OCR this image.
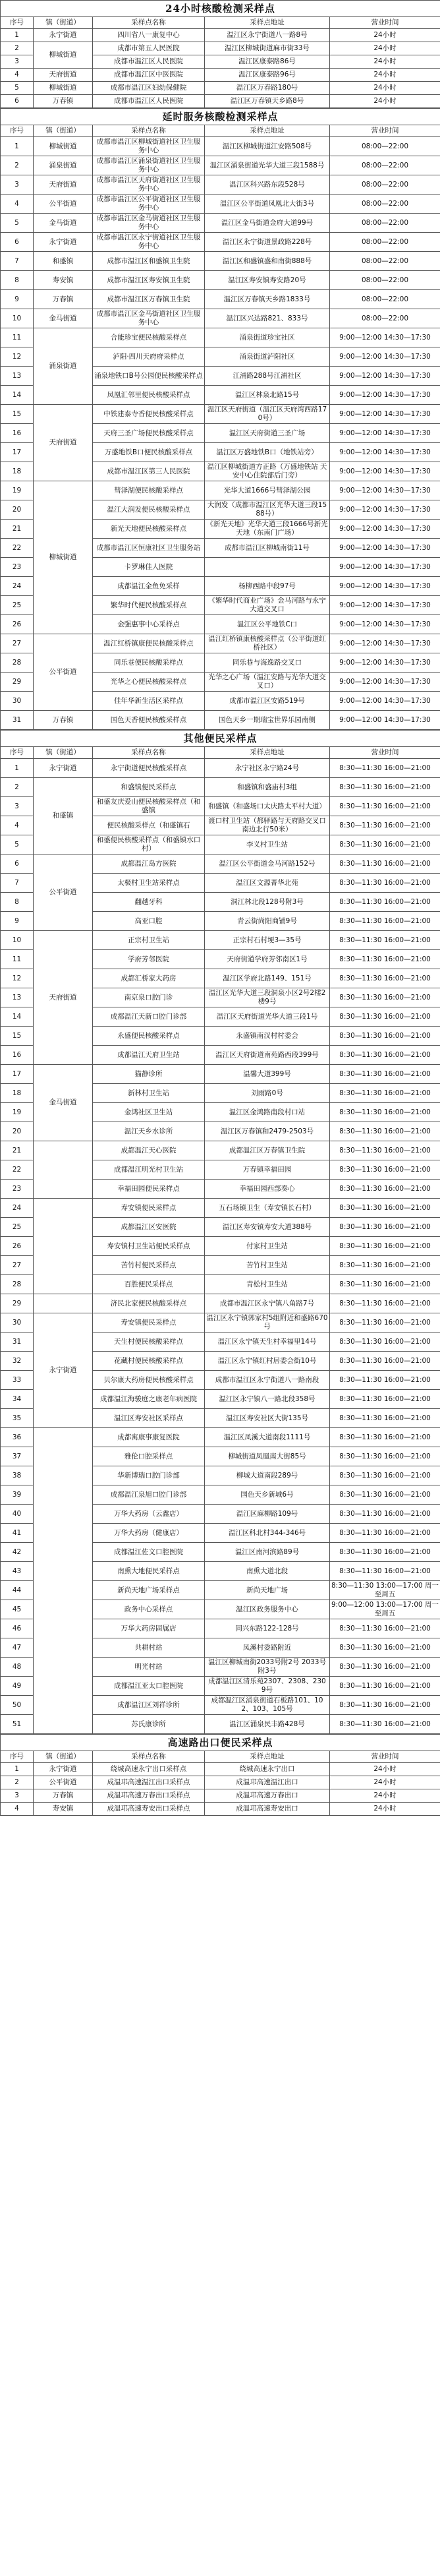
24小时核酸检测采样点				
序号	镇（街道）	采样点名称	采样点地址	营业时间
1	永宁街道	四川省八一康复中心	温江区永宁街道八一路8号	24小时
2	柳城街道	成都市第五人民医院	温江区柳城街道麻市街33号	24小时
3		成都市温江区人民医院	温江区康泰路86号	24小时
4	天府街道	成都市温江区中医医院	温江区康泰路96号	24小时
5	柳城街道	成都市温江区妇幼保健院	温江区万春路180号	24小时
6	万春镇	成都市温江区人民医院	温江区万春镇天乡路8号	24小时
延时服务核酸检测采样点				
序号	镇（街道）	采样点名称	采样点地址	营业时间
1	柳城街道	成都市温江区柳城街道社区卫生服务中心	温江区柳城街道江安路508号	08:00—22:00
2	涌泉街道	成都市温江区涌泉街道社区卫生服务中心	温江区涌泉街道光华大道三段1588号	08:00—22:00
3	天府街道	成都市温江区天府街道社区卫生服务中心	温江区科兴路东段528号	08:00—22:00
4	公平街道	成都市温江区公平街道社区卫生服务中心	温江区公平街道凤凰北大街3号	08:00—22:00
5	金马街道	成都市温江区金马街道社区卫生服务中心	温江区金马街道金府大道99号	08:00—22:00
6	永宁街道	成都市温江区永宁街道社区卫生服务中心	温江区永宁街道景政路228号	08:00—22:00
7	和盛镇	成都市温江区和盛镇卫生院	温江区和盛镇盛和南街888号	08:00—22:00
8	寿安镇	成都市温江区寿安镇卫生院	温江区寿安镇寿安路20号	08:00—22:00
9	万春镇	成都市温江区万春镇卫生院	温江区万春镇天乡路1833号	08:00—22:00
10	金马街道	成都市温江区金马街道社区卫生服务中心	温江区兴达路821、833号	08:00—22:00
11	涌泉街道	合能珍宝便民核酸采样点	涌泉街道珍宝社区	9:00—12:00 14:30—17:30
12		泸阳·四川天府府采样点	涌泉街道泸阳社区	9:00—12:00 14:30—17:30
13		涌泉地铁口B号公园便民核酸采样点	江浦路288号江浦社区	9:00—12:00 14:30—17:30
14		凤凰汇邻里便民核酸采样点	温江区林泉北路15号	9:00—12:00 14:30—17:30
15	天府街道	中铁建泰寺香便民核酸采样点	温江区天府街道（温江区天府湾西路170号）	9:00—12:00 14:30—17:30
16		天府三圣广场便民核酸采样点	温江区天府街道三圣广场	9:00—12:00 14:30—17:30
17		万盛地铁B口便民核酸采样点	温江区万盛地铁B口（地铁站旁）	9:00—12:00 14:30—17:30
18		成都市温江区第三人民医院	温江区柳城街道方正路（万盛地铁站 天安中心住院部后门旁）	9:00—12:00 14:30—17:30
19	柳城街道	彗泽湖便民核酸采样点	光华大道1666号彗泽湖公园	9:00—12:00 14:30—17:30
20		温江大润发便民核酸采样点	大润发（成都市温江区光华大道三段1588号）	9:00—12:00 14:30—17:30
21		新光天地便民核酸采样点	《新光天地》光华大道三段1666号新光天地（东南门广场）	9:00—12:00 14:30—17:30
22		成都市温江区恒康社区卫生服务站	成都市温江区柳城南街11号	9:00—12:00 14:30—17:30
23		卡罗琳佳人医院		9:00—12:00 14:30—17:30
24		成都温江金鱼免采样	杨柳西路中段97号	9:00—12:00 14:30—17:30
25		繁华时代便民核酸采样点	《繁华时代商业广场》金马河路与永宁大道交叉口	9:00—12:00 14:30—17:30
26		金强惠事中心采样点	温江区公平地铁C口	9:00—12:00 14:30—17:30
27	公平街道	温江红桥镇康便民核酸采样点	温江红桥镇康核酸采样点（公平街道红桥社区）	9:00—12:00 14:30—17:30
28		同乐巷便民核酸采样点	同乐巷与海逸路交叉口	9:00—12:00 14:30—17:30
29		光华之心便民核酸采样点	光华之心广场（温江安路与光华大道交叉口）	9:00—12:00 14:30—17:30
30		佳年华新生活区采样点	成都市温江区安路519号	9:00—12:00 14:30—17:30
31	万春镇	国色天香便民核酸采样点	国色天乡一期瑞宝世界乐园南侧	9:00—12:00 14:30—17:30
其他便民采样点				
序号	镇（街道）	采样点名称	采样点地址	营业时间
1	永宁街道	永宁街道便民核酸采样点	永宁社区永宁路24号	8:30—11:30 16:00—21:00
2	和盛镇	和盛镇便民采样点	和盛镇和盛庙村3组	8:30—11:30 16:00—21:00
3		和盛友庆爱山便民核酸采样点（和盛镇	和盛镇（和盛场口太庆路太平村大道）	8:30—11:30 16:00—21:00
4		便民核酸采样点（和盛镇石	渡口村卫生站（都驿路与天府路交叉口南边北行50米）	8:30—11:30 16:00—21:00
5		和盛便民核酸采样点（和盛镇水口村）	李义村卫生站	8:30—11:30 16:00—21:00
6	公平街道	成都温江岛方医院	温江区公平街道金马河路152号	8:30—11:30 16:00—21:00
7		太极村卫生站采样点	温江区文源菁华北苑	8:30—11:30 16:00—21:00
8		翻越牙科	洞江林北段128号附3号	8:30—11:30 16:00—21:00
9		高亚口腔	青云街尚阳商铺9号	8:30—11:30 16:00—21:00
10	天府街道	正宗村卫生站	正宗村石村埂3—35号	8:30—11:30 16:00—21:00
11		学府芳邻医院	天府街道学府芳邻南区1号	8:30—11:30 16:00—21:00
12		成都汇桥家大药房	温江区学府北路149、151号	8:30—11:30 16:00—21:00
13		南京泉口腔门诊	温江区光华大道三段洞泉小区2号2楼2楼9号	8:30—11:30 16:00—21:00
14		成都温江天新口腔门诊部	温江区天府街道光华大道三段1号	8:30—11:30 16:00—21:00
15		永盛便民核酸采样点	永盛镇南汊村村委会	8:30—11:30 16:00—21:00
16		成都温江天府卫生站	温江区天府街道南苑路西段399号	8:30—11:30 16:00—21:00
17	金马街道	猫静诊所	温馨大道399号	8:30—11:30 16:00—21:00
18		新林村卫生站	刘雨路0号	8:30—11:30 16:00—21:00
19		金鸿社区卫生站	温江区金鸿路南段村口站	8:30—11:30 16:00—21:00
20		温江天乡水诊所	温江区万春镇和2479-2503号	8:30—11:30 16:00—21:00
21		成都温江天心医院	成都温江区万春镇卫生院	8:30—11:30 16:00—21:00
22		成都温江明光村卫生站	万春镇幸福田园	8:30—11:30 16:00—21:00
23		幸福田园便民采样点	幸福田园西部奏心	8:30—11:30 16:00—21:00
24		寿安镇便民采样点	五石场镇卫生（寿安镇长石村）	8:30—11:30 16:00—21:00
25		成都温江区安医院	温江区寿安镇寿安大道388号	8:30—11:30 16:00—21:00
26		寿安镇村卫生站便民采样点	付家村卫生站	8:30—11:30 16:00—21:00
27		苦竹村便民采样点	苦竹村卫生站	8:30—11:30 16:00—21:00
28		百胜便民采样点	青松村卫生站	8:30—11:30 16:00—21:00
29		济民北家便民核酸采样点	成都市温江区永宁镇八角路7号	8:30—11:30 16:00—21:00
30	永宁街道	寿安镇便民采样点	温江区永宁镇郭家村5组附近和盛路670号	8:30—11:30 16:00—21:00
31		天生村便民核酸采样点	温江区永宁镇天生村幸福里14号	8:30—11:30 16:00—21:00
32		花藏村便民核酸采样点	温江区永宁镇红村居委会街10号	8:30—11:30 16:00—21:00
33		贝尔康大药房便民核酸采样点	成都市温江区永宁街道八一路南段	8:30—11:30 16:00—21:00
34		成都温江海骏庭之康老年病医院	温江区永宁镇八一路北段358号	8:30—11:30 16:00—21:00
35		温江区寿安社区采样点	温江区寿安社区大街135号	8:30—11:30 16:00—21:00
36		成都寓康事康复医院	温江区凤溪大道南段1111号	8:30—11:30 16:00—21:00
37		雅伦口腔采样点	柳城街道凤凰南大街85号	8:30—11:30 16:00—21:00
38		华新博瑞口腔门诊部	柳城大道南段289号	8:30—11:30 16:00—21:00
39		成都温江泉旭口腔门诊部	国色天乡新城6号	8:30—11:30 16:00—21:00
40		万华大药房（云鑫店）	温江区麻柳路109号	8:30—11:30 16:00—21:00
41		万华大药房（健康店）	温江区科北村344-346号	8:30—11:30 16:00—21:00
42		成都温江佐文口腔医院	温江区南河滨路89号	8:30—11:30 16:00—21:00
43		南熏大地便民采样点	南熏大道北段	8:30—11:30 16:00—21:00
44		新尚天地广场采样点	新尚天地广场	8:30—11:30 13:00—17:00 周一至周五
45		政务中心采样点	温江区政务服务中心	9:00—12:00 13:00—17:00 周一至周五
46		万华大药房固属店	同兴东路122-128号	8:30—11:30 16:00—21:00
47		共耕村站	凤溪村委路附近	8:30—11:30 16:00—21:00
48		明光村站	温江区柳城南街2033号附2号 2033号附3号	8:30—11:30 16:00—21:00
49		成都温江亚太口腔医院	成都温江区清乐苑2307、2308、2309号	8:30—11:30 16:00—21:00
50		成都温江区刘祥诊所	成都温江区涌泉街道石板路101、102、103、105号	8:30—11:30 16:00—21:00
51		苏氏康诊所	温江区涌泉民丰路428号	8:30—11:30 16:00—21:00
高速路出口便民采样点				
序号	镇（街道）	采样点名称	采样点地址	营业时间
1	永宁街道	绕城高速永宁出口采样点	绕城高速永宁出口	24小时
2	公平街道	成温邛高速温江出口采样点	成温邛高速温江出口	24小时
3	万春镇	成温邛高速万春出口采样点	成温邛高速万春出口	24小时
4	寿安镇	成温邛高速寿安出口采样点	成温邛高速寿安出口	24小时
